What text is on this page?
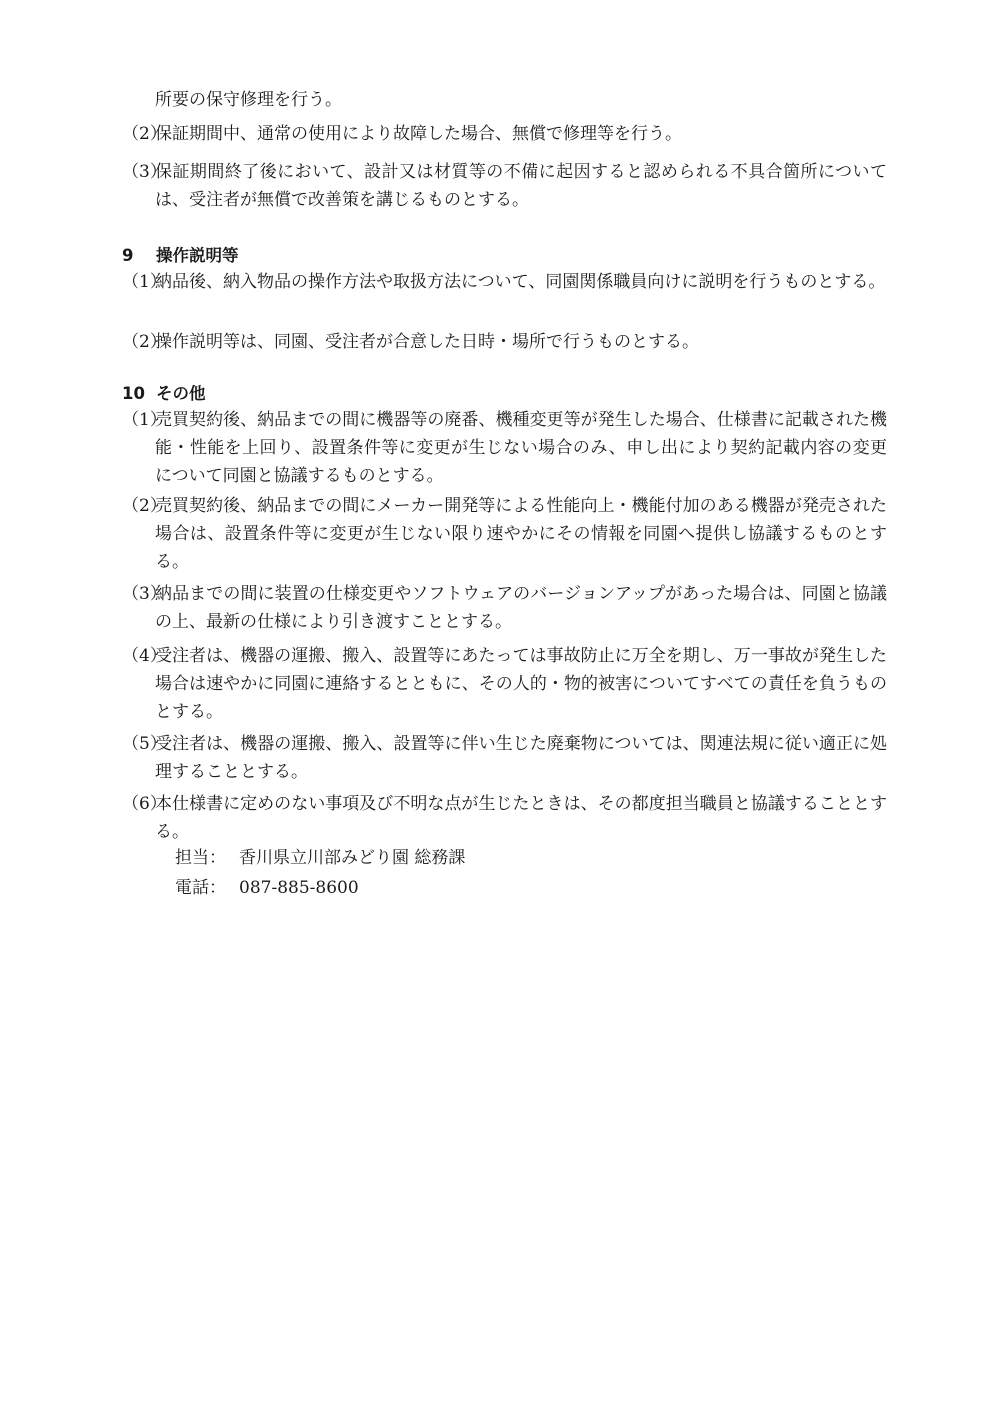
所要の保守修理を行う。
（2）
保証期間中、通常の使用により故障した場合、無償で修理等を行う。
（3）
保証期間終了後において、設計又は材質等の不備に起因すると認められる不具合箇所については、受注者が無償で改善策を講じるものとする。
9 操作説明等
（1）
納品後、納入物品の操作方法や取扱方法について、同園関係職員向けに説明を行うものとする。
（2）
操作説明等は、同園、受注者が合意した日時・場所で行うものとする。
10 その他
（1）
売買契約後、納品までの間に機器等の廃番、機種変更等が発生した場合、仕様書に記載された機能・性能を上回り、設置条件等に変更が生じない場合のみ、申し出により契約記載内容の変更について同園と協議するものとする。
（2）
売買契約後、納品までの間にメーカー開発等による性能向上・機能付加のある機器が発売された場合は、設置条件等に変更が生じない限り速やかにその情報を同園へ提供し協議するものとする。
（3）
納品までの間に装置の仕様変更やソフトウェアのバージョンアップがあった場合は、同園と協議の上、最新の仕様により引き渡すこととする。
（4）
受注者は、機器の運搬、搬入、設置等にあたっては事故防止に万全を期し、万一事故が発生した場合は速やかに同園に連絡するとともに、その人的・物的被害についてすべての責任を負うものとする。
（5）
受注者は、機器の運搬、搬入、設置等に伴い生じた廃棄物については、関連法規に従い適正に処理することとする。
（6）
本仕様書に定めのない事項及び不明な点が生じたときは、その都度担当職員と協議することとする。
担当： 香川県立川部みどり園 総務課
電話： 087-885-8600
